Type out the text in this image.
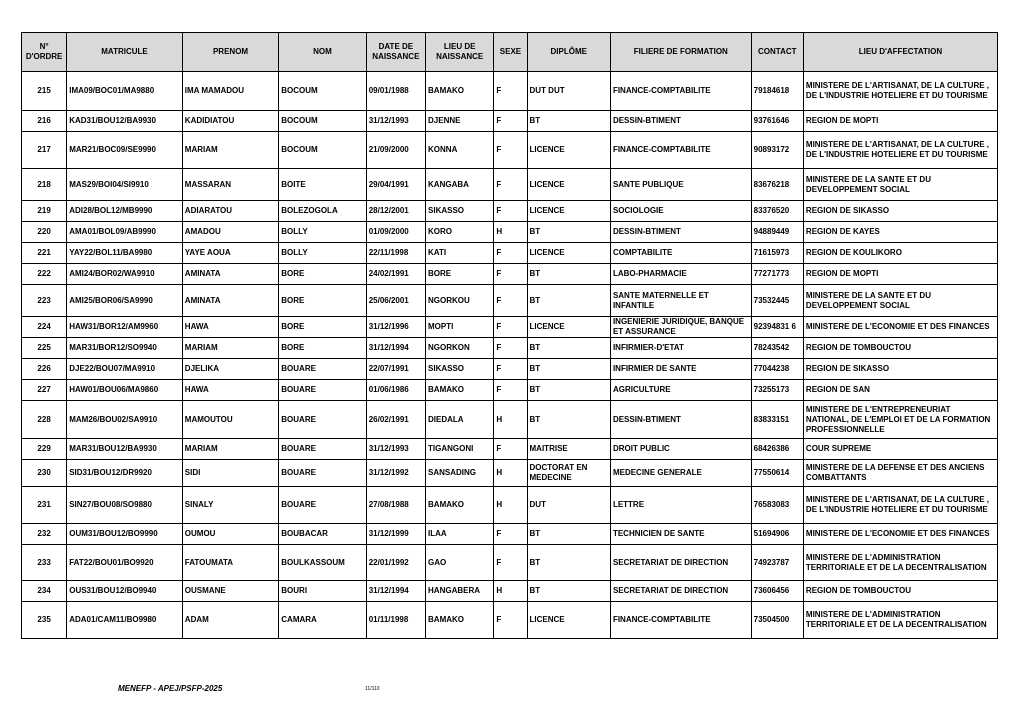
N° D'ORDRE	MATRICULE	PRENOM	NOM	DATE DE NAISSANCE	LIEU DE NAISSANCE	SEXE	DIPLÔME	FILIERE DE FORMATION	CONTACT	LIEU D'AFFECTATION
215	IMA09/BOC01/MA9880	IMA MAMADOU	BOCOUM	09/01/1988	BAMAKO	F	DUT DUT	FINANCE-COMPTABILITE	79184618	MINISTERE DE L'ARTISANAT, DE LA CULTURE , DE L'INDUSTRIE HOTELIERE ET DU TOURISME
216	KAD31/BOU12/BA9930	KADIDIATOU	BOCOUM	31/12/1993	DJENNE	F	BT	DESSIN-BTIMENT	93761646	REGION DE MOPTI
217	MAR21/BOC09/SE9990	MARIAM	BOCOUM	21/09/2000	KONNA	F	LICENCE	FINANCE-COMPTABILITE	90893172	MINISTERE DE L'ARTISANAT, DE LA CULTURE , DE L'INDUSTRIE HOTELIERE ET DU TOURISME
218	MAS29/BOI04/SI9910	MASSARAN	BOITE	29/04/1991	KANGABA	F	LICENCE	SANTE PUBLIQUE	83676218	MINISTERE DE LA SANTE ET DU DEVELOPPEMENT SOCIAL
219	ADI28/BOL12/MB9990	ADIARATOU	BOLEZOGOLA	28/12/2001	SIKASSO	F	LICENCE	SOCIOLOGIE	83376520	REGION DE SIKASSO
220	AMA01/BOL09/AB9990	AMADOU	BOLLY	01/09/2000	KORO	H	BT	DESSIN-BTIMENT	94889449	REGION DE KAYES
221	YAY22/BOL11/BA9980	YAYE AOUA	BOLLY	22/11/1998	KATI	F	LICENCE	COMPTABILITE	71615973	REGION DE KOULIKORO
222	AMI24/BOR02/WA9910	AMINATA	BORE	24/02/1991	BORE	F	BT	LABO-PHARMACIE	77271773	REGION DE MOPTI
223	AMI25/BOR06/SA9990	AMINATA	BORE	25/06/2001	NGORKOU	F	BT	SANTE MATERNELLE ET INFANTILE	73532445	MINISTERE DE LA SANTE ET DU DEVELOPPEMENT SOCIAL
224	HAW31/BOR12/AM9960	HAWA	BORE	31/12/1996	MOPTI	F	LICENCE	INGENIERIE JURIDIQUE, BANQUE ET ASSURANCE	92394831 6	MINISTERE DE L'ECONOMIE ET DES FINANCES
225	MAR31/BOR12/SO9940	MARIAM	BORE	31/12/1994	NGORKON	F	BT	INFIRMIER-D'ETAT	78243542	REGION DE TOMBOUCTOU
226	DJE22/BOU07/MA9910	DJELIKA	BOUARE	22/07/1991	SIKASSO	F	BT	INFIRMIER DE SANTE	77044238	REGION DE SIKASSO
227	HAW01/BOU06/MA9860	HAWA	BOUARE	01/06/1986	BAMAKO	F	BT	AGRICULTURE	73255173	REGION DE SAN
228	MAM26/BOU02/SA9910	MAMOUTOU	BOUARE	26/02/1991	DIEDALA	H	BT	DESSIN-BTIMENT	83833151	MINISTERE DE L'ENTREPRENEURIAT NATIONAL, DE L'EMPLOI ET DE LA FORMATION PROFESSIONNELLE
229	MAR31/BOU12/BA9930	MARIAM	BOUARE	31/12/1993	TIGANGONI	F	MAITRISE	DROIT PUBLIC	68426386	COUR SUPREME
230	SID31/BOU12/DR9920	SIDI	BOUARE	31/12/1992	SANSADING	H	DOCTORAT EN MEDECINE	MEDECINE GENERALE	77550614	MINISTERE DE LA DEFENSE ET DES ANCIENS COMBATTANTS
231	SIN27/BOU08/SO9880	SINALY	BOUARE	27/08/1988	BAMAKO	H	DUT	LETTRE	76583083	MINISTERE DE L'ARTISANAT, DE LA CULTURE , DE L'INDUSTRIE HOTELIERE ET DU TOURISME
232	OUM31/BOU12/BO9990	OUMOU	BOUBACAR	31/12/1999	ILAA	F	BT	TECHNICIEN DE SANTE	51694906	MINISTERE DE L'ECONOMIE ET DES FINANCES
233	FAT22/BOU01/BO9920	FATOUMATA	BOULKASSOUM	22/01/1992	GAO	F	BT	SECRETARIAT DE DIRECTION	74923787	MINISTERE DE L'ADMINISTRATION TERRITORIALE ET DE LA DECENTRALISATION
234	OUS31/BOU12/BO9940	OUSMANE	BOURI	31/12/1994	HANGABERA	H	BT	SECRETARIAT DE DIRECTION	73606456	REGION DE TOMBOUCTOU
235	ADA01/CAM11/BO9980	ADAM	CAMARA	01/11/1998	BAMAKO	F	LICENCE	FINANCE-COMPTABILITE	73504500	MINISTERE DE L'ADMINISTRATION TERRITORIALE ET DE LA DECENTRALISATION
MENEFP - APEJ/PSFP-2025	11/110
